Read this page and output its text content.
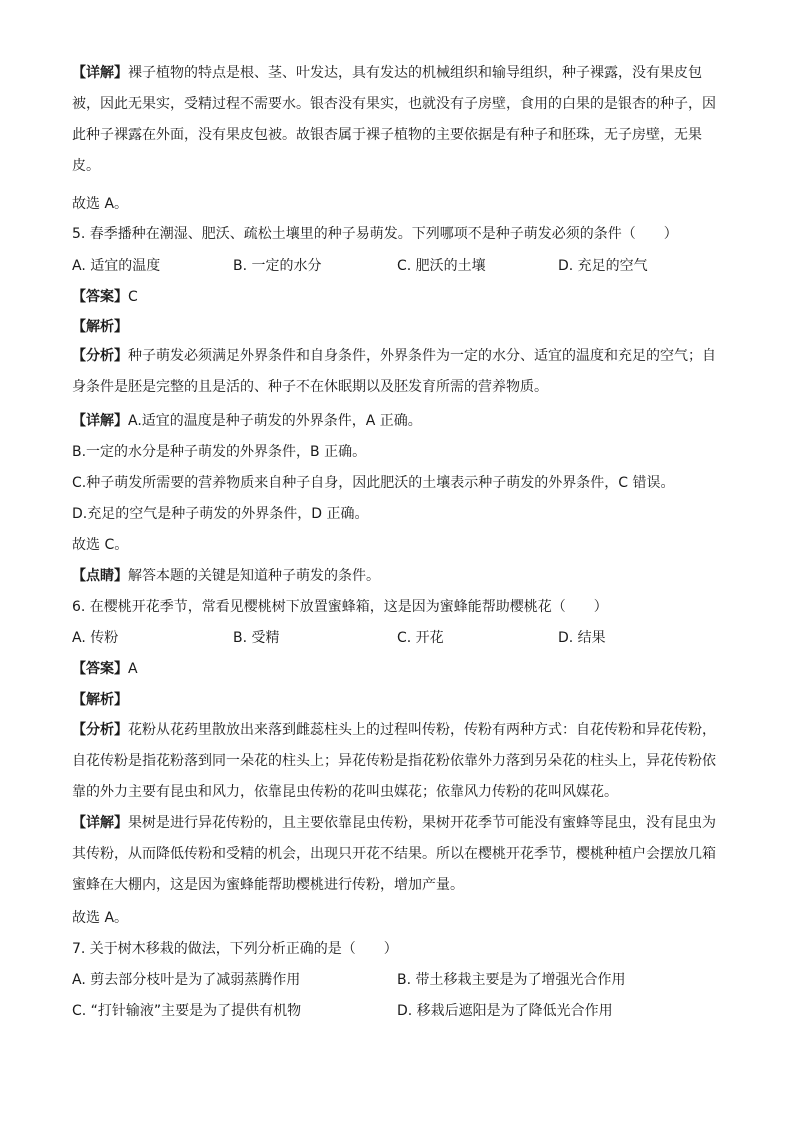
【详解】裸子植物的特点是根、茎、叶发达，具有发达的机械组织和输导组织，种子裸露，没有果皮包被，因此无果实，受精过程不需要水。银杏没有果实，也就没有子房壁，食用的白果的是银杏的种子，因此种子裸露在外面，没有果皮包被。故银杏属于裸子植物的主要依据是有种子和胚珠，无子房壁，无果皮。
故选 A。
5. 春季播种在潮湿、肥沃、疏松土壤里的种子易萌发。下列哪项不是种子萌发必须的条件（　　）
A. 适宜的温度	B. 一定的水分	C. 肥沃的土壤	D. 充足的空气
【答案】C
【解析】
【分析】种子萌发必须满足外界条件和自身条件，外界条件为一定的水分、适宜的温度和充足的空气；自身条件是胚是完整的且是活的、种子不在休眠期以及胚发育所需的营养物质。
【详解】A.适宜的温度是种子萌发的外界条件，A 正确。
B.一定的水分是种子萌发的外界条件，B 正确。
C.种子萌发所需要的营养物质来自种子自身，因此肥沃的土壤表示种子萌发的外界条件，C 错误。
D.充足的空气是种子萌发的外界条件，D 正确。
故选 C。
【点睛】解答本题的关键是知道种子萌发的条件。
6. 在樱桃开花季节，常看见樱桃树下放置蜜蜂箱，这是因为蜜蜂能帮助樱桃花（　　）
A. 传粉	B. 受精	C. 开花	D. 结果
【答案】A
【解析】
【分析】花粉从花药里散放出来落到雌蕊柱头上的过程叫传粉，传粉有两种方式：自花传粉和异花传粉，自花传粉是指花粉落到同一朵花的柱头上；异花传粉是指花粉依靠外力落到另朵花的柱头上，异花传粉依靠的外力主要有昆虫和风力，依靠昆虫传粉的花叫虫媒花；依靠风力传粉的花叫风媒花。
【详解】果树是进行异花传粉的，且主要依靠昆虫传粉，果树开花季节可能没有蜜蜂等昆虫，没有昆虫为其传粉，从而降低传粉和受精的机会，出现只开花不结果。所以在樱桃开花季节，樱桃种植户会摆放几箱蜜蜂在大棚内，这是因为蜜蜂能帮助樱桃进行传粉，增加产量。
故选 A。
7. 关于树木移栽的做法，下列分析正确的是（　　）
A. 剪去部分枝叶是为了减弱蒸腾作用	B. 带土移栽主要是为了增强光合作用
C. “打针输液”主要是为了提供有机物	D. 移栽后遮阳是为了降低光合作用
